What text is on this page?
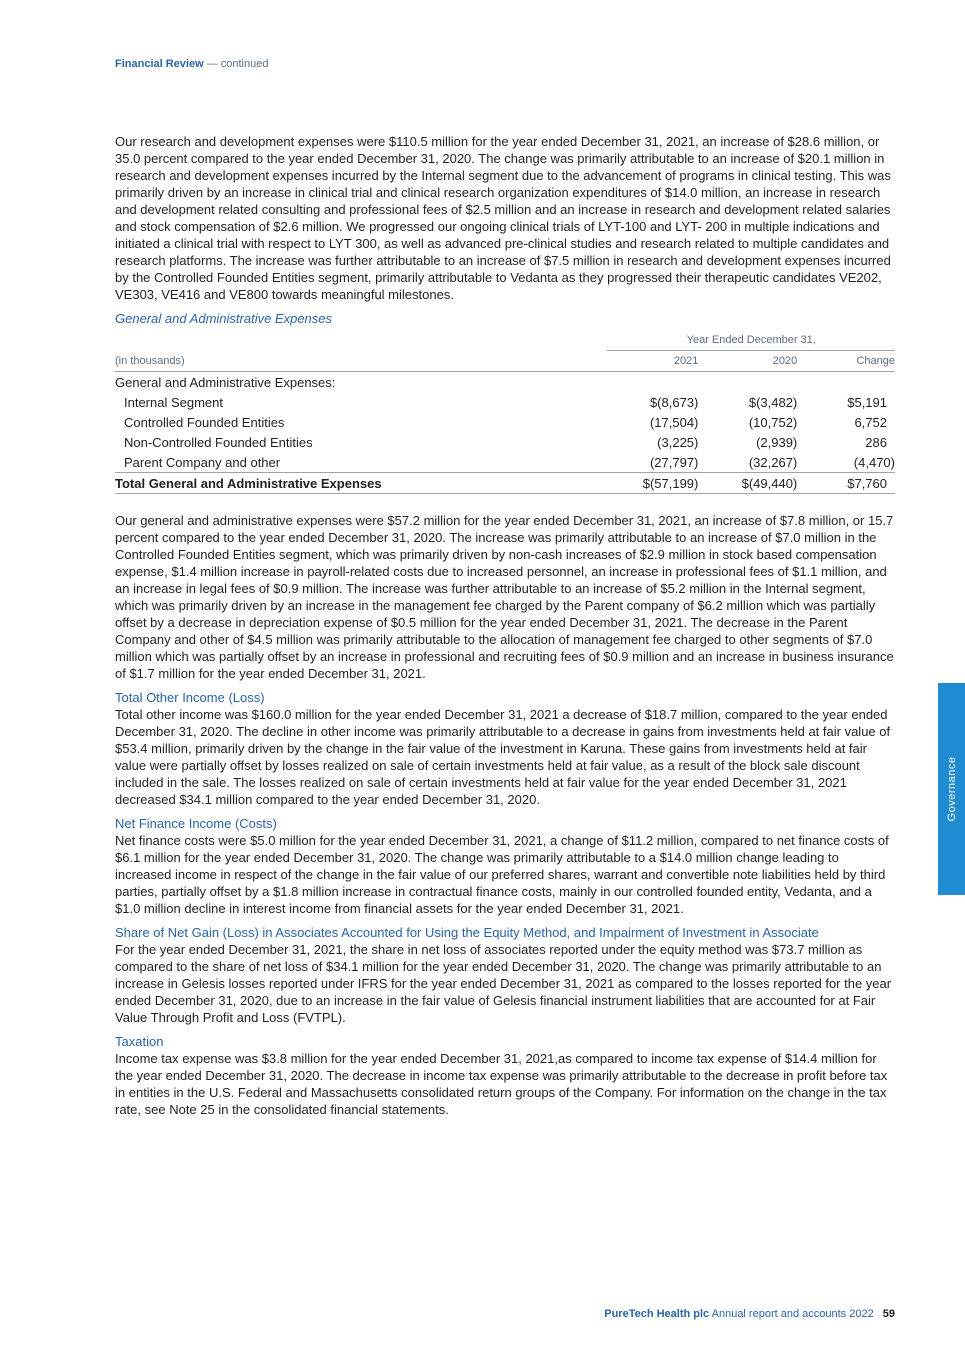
Financial Review — continued

Our research and development expenses were $110.5 million for the year ended December 31, 2021, an increase of $28.6 million, or 35.0 percent compared to the year ended December 31, 2020. The change was primarily attributable to an increase of $20.1 million in research and development expenses incurred by the Internal segment due to the advancement of programs in clinical testing. This was primarily driven by an increase in clinical trial and clinical research organization expenditures of $14.0 million, an increase in research and development related consulting and professional fees of $2.5 million and an increase in research and development related salaries and stock compensation of $2.6 million. We progressed our ongoing clinical trials of LYT-100 and LYT- 200 in multiple indications and initiated a clinical trial with respect to LYT 300, as well as advanced pre-clinical studies and research related to multiple candidates and research platforms. The increase was further attributable to an increase of $7.5 million in research and development expenses incurred by the Controlled Founded Entities segment, primarily attributable to Vedanta as they progressed their therapeutic candidates VE202, VE303, VE416 and VE800 towards meaningful milestones.

General and Administrative Expenses

	Year Ended December 31,		
(in thousands)	2021	2020	Change
General and Administrative Expenses:			
Internal Segment	$(8,673)	$(3,482)	$5,191
Controlled Founded Entities	(17,504)	(10,752)	6,752
Non-Controlled Founded Entities	(3,225)	(2,939)	286
Parent Company and other	(27,797)	(32,267)	(4,470)
Total General and Administrative Expenses	$(57,199)	$(49,440)	$7,760

Our general and administrative expenses were $57.2 million for the year ended December 31, 2021, an increase of $7.8 million, or 15.7 percent compared to the year ended December 31, 2020. The increase was primarily attributable to an increase of $7.0 million in the Controlled Founded Entities segment, which was primarily driven by non-cash increases of $2.9 million in stock based compensation expense, $1.4 million increase in payroll-related costs due to increased personnel, an increase in professional fees of $1.1 million, and an increase in legal fees of $0.9 million. The increase was further attributable to an increase of $5.2 million in the Internal segment, which was primarily driven by an increase in the management fee charged by the Parent company of $6.2 million which was partially offset by a decrease in depreciation expense of $0.5 million for the year ended December 31, 2021. The decrease in the Parent Company and other of $4.5 million was primarily attributable to the allocation of management fee charged to other segments of $7.0 million which was partially offset by an increase in professional and recruiting fees of $0.9 million and an increase in business insurance of $1.7 million for the year ended December 31, 2021.

Total Other Income (Loss)

Total other income was $160.0 million for the year ended December 31, 2021 a decrease of $18.7 million, compared to the year ended December 31, 2020. The decline in other income was primarily attributable to a decrease in gains from investments held at fair value of $53.4 million, primarily driven by the change in the fair value of the investment in Karuna. These gains from investments held at fair value were partially offset by losses realized on sale of certain investments held at fair value, as a result of the block sale discount included in the sale. The losses realized on sale of certain investments held at fair value for the year ended December 31, 2021 decreased $34.1 million compared to the year ended December 31, 2020.

Net Finance Income (Costs)

Net finance costs were $5.0 million for the year ended December 31, 2021, a change of $11.2 million, compared to net finance costs of $6.1 million for the year ended December 31, 2020. The change was primarily attributable to a $14.0 million change leading to increased income in respect of the change in the fair value of our preferred shares, warrant and convertible note liabilities held by third parties, partially offset by a $1.8 million increase in contractual finance costs, mainly in our controlled founded entity, Vedanta, and a $1.0 million decline in interest income from financial assets for the year ended December 31, 2021.

Share of Net Gain (Loss) in Associates Accounted for Using the Equity Method, and Impairment of Investment in Associate

For the year ended December 31, 2021, the share in net loss of associates reported under the equity method was $73.7 million as compared to the share of net loss of $34.1 million for the year ended December 31, 2020. The change was primarily attributable to an increase in Gelesis losses reported under IFRS for the year ended December 31, 2021 as compared to the losses reported for the year ended December 31, 2020, due to an increase in the fair value of Gelesis financial instrument liabilities that are accounted for at Fair Value Through Profit and Loss (FVTPL).

Taxation

Income tax expense was $3.8 million for the year ended December 31, 2021,as compared to income tax expense of $14.4 million for the year ended December 31, 2020. The decrease in income tax expense was primarily attributable to the decrease in profit before tax in entities in the U.S. Federal and Massachusetts consolidated return groups of the Company. For information on the change in the tax rate, see Note 25 in the consolidated financial statements.

Governance
PureTech Health plc Annual report and accounts 2022 59
